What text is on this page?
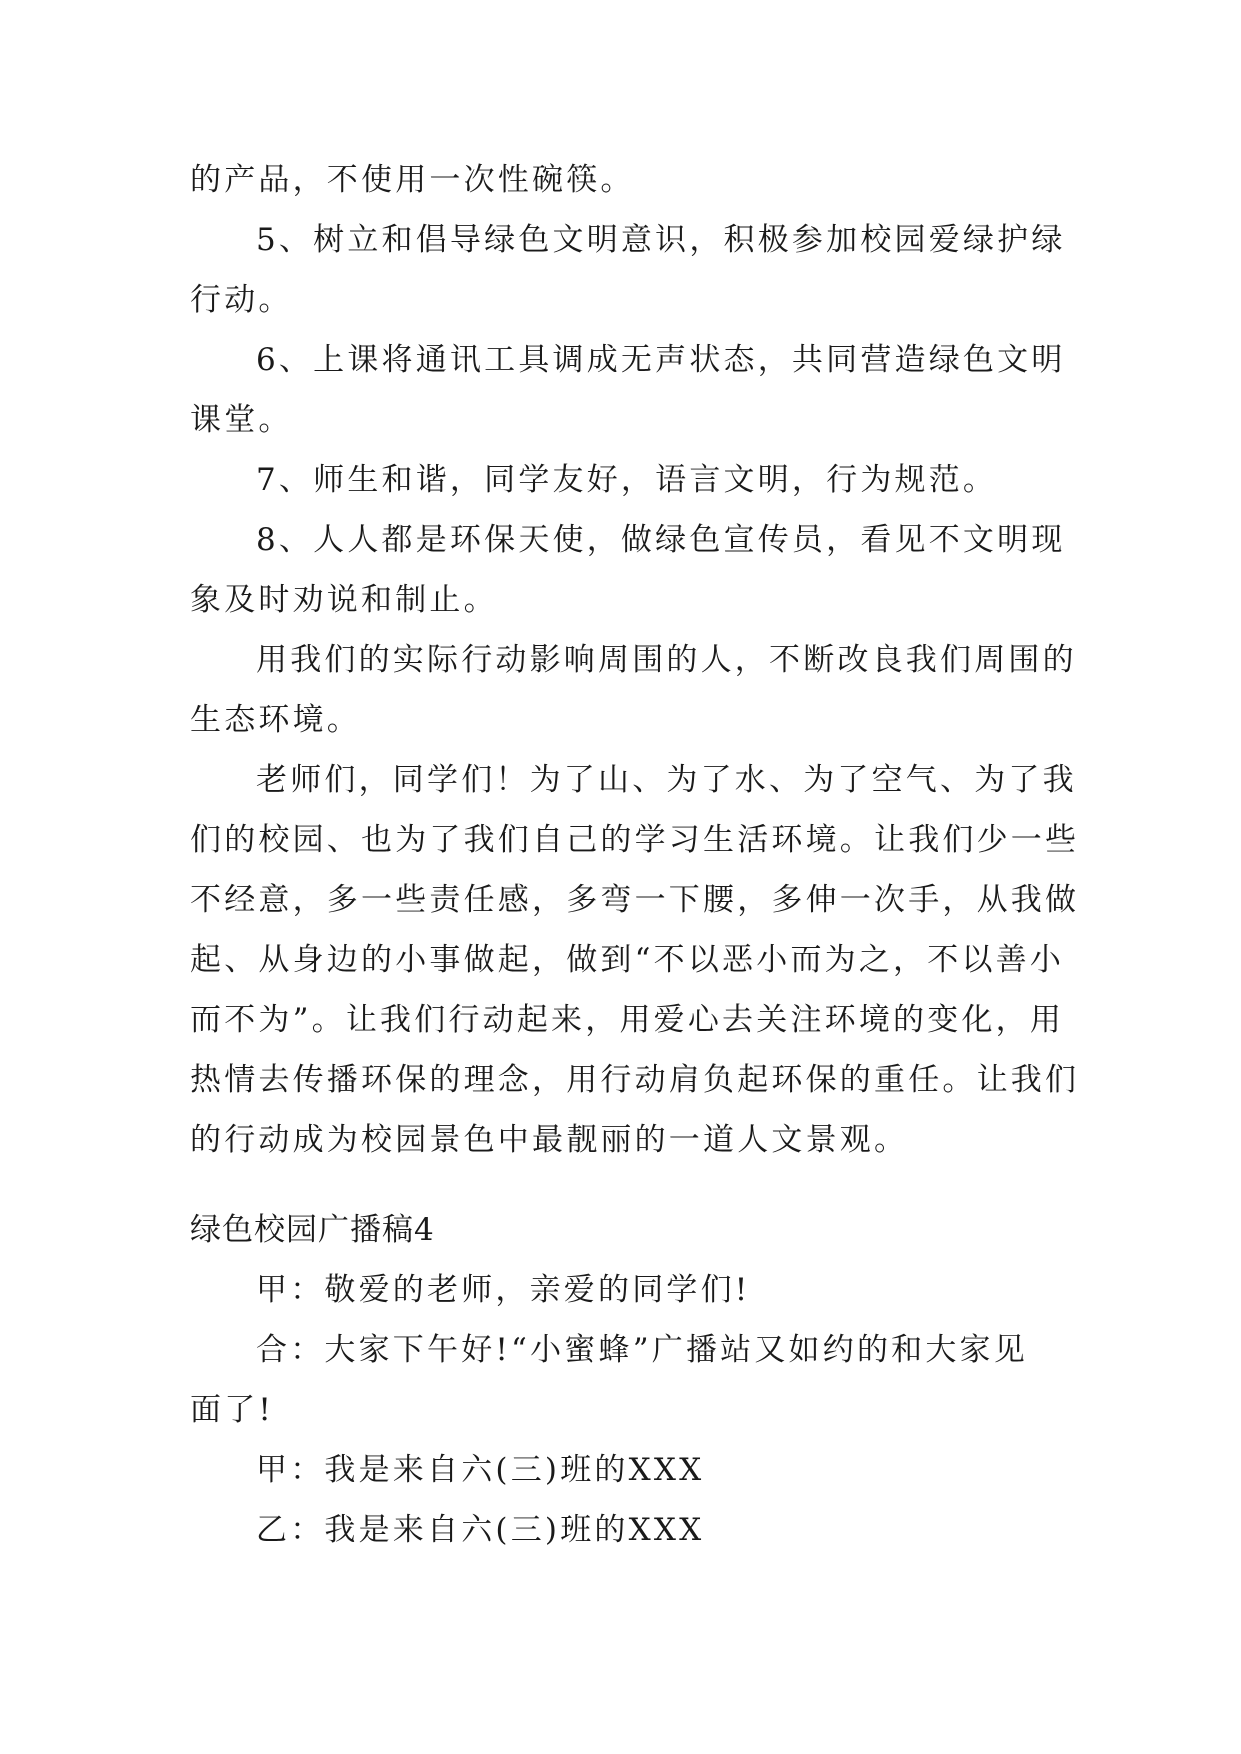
的产品，不使用一次性碗筷。
5、树立和倡导绿色文明意识，积极参加校园爱绿护绿
行动。
6、上课将通讯工具调成无声状态，共同营造绿色文明
课堂。
7、师生和谐，同学友好，语言文明，行为规范。
8、人人都是环保天使，做绿色宣传员，看见不文明现
象及时劝说和制止。
用我们的实际行动影响周围的人，不断改良我们周围的
生态环境。
老师们，同学们！为了山、为了水、为了空气、为了我
们的校园、也为了我们自己的学习生活环境。让我们少一些
不经意，多一些责任感，多弯一下腰，多伸一次手，从我做
起、从身边的小事做起，做到“不以恶小而为之，不以善小
而不为”。让我们行动起来，用爱心去关注环境的变化，用
热情去传播环保的理念，用行动肩负起环保的重任。让我们
的行动成为校园景色中最靓丽的一道人文景观。
绿色校园广播稿4
甲：敬爱的老师，亲爱的同学们!
合：大家下午好!“小蜜蜂”广播站又如约的和大家见
面了!
甲：我是来自六(三)班的XXX
乙：我是来自六(三)班的XXX
